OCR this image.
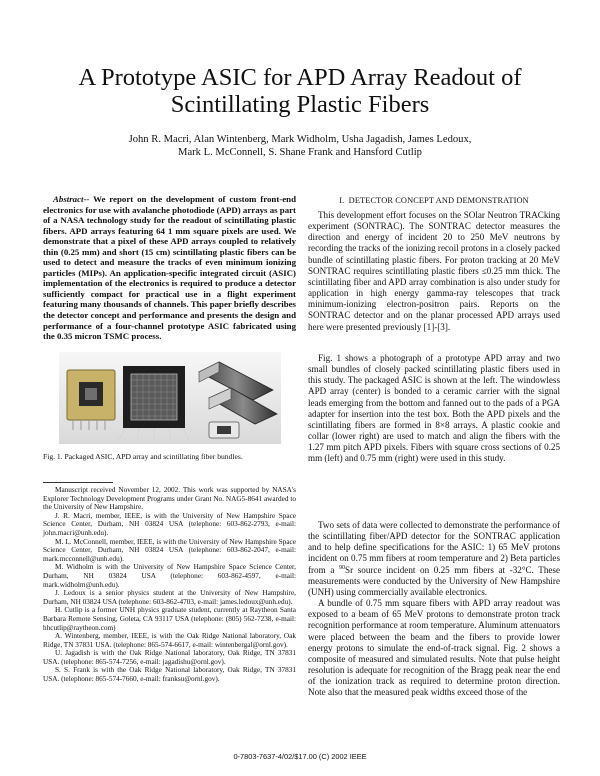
A Prototype ASIC for APD Array Readout of
Scintillating Plastic Fibers
John R. Macri, Alan Wintenberg, Mark Widholm, Usha Jagadish, James Ledoux,
Mark L. McConnell, S. Shane Frank and Hansford Cutlip

Abstract-- We report on the development of custom front-end electronics for use with avalanche photodiode (APD) arrays as part of a NASA technology study for the readout of scintillating plastic fibers. APD arrays featuring 64 1 mm square pixels are used. We demonstrate that a pixel of these APD arrays coupled to relatively thin (0.25 mm) and short (15 cm) scintillating plastic fibers can be used to detect and measure the tracks of even minimum ionizing particles (MIPs). An application-specific integrated circuit (ASIC) implementation of the electronics is required to produce a detector sufficiently compact for practical use in a flight experiment featuring many thousands of channels. This paper briefly describes the detector concept and performance and presents the design and performance of a four-channel prototype ASIC fabricated using the 0.35 micron TSMC process.

Fig. 1. Packaged ASIC, APD array and scintillating fiber bundles.

Manuscript received November 12, 2002. This work was supported by NASA's Explorer Technology Development Programs under Grant No. NAG5-8641 awarded to the University of New Hampshire.

J. R. Macri, member, IEEE, is with the University of New Hampshire Space Science Center, Durham, NH 03824 USA (telephone: 603-862-2793, e-mail: john.macri@unh.edu).

M. L. McConnell, member, IEEE, is with the University of New Hampshire Space Science Center, Durham, NH 03824 USA (telephone: 603-862-2047, e-mail: mark.mcconnell@unh.edu).

M. Widholm is with the University of New Hampshire Space Science Center, Durham, NH 03824 USA (telephone: 603-862-4597, e-mail: mark.widholm@unh.edu).

J. Ledoux is a senior physics student at the University of New Hampshire, Durham, NH 03824 USA (telephone: 603-862-4703, e-mail: james.ledoux@unh.edu).

H. Cutlip is a former UNH physics graduate student, currently at Raytheon Santa Barbara Remote Sensing, Goleta, CA 93117 USA (telephone: (805) 562-7238, e-mail: hhcutlip@raytheon.com)

A. Wintenberg, member, IEEE, is with the Oak Ridge National laboratory, Oak Ridge, TN 37831 USA. (telephone: 865-574-6617, e-mail: wintenbergal@ornl.gov).

U. Jagadish is with the Oak Ridge National laboratory, Oak Ridge, TN 37831 USA. (telephone: 865-574-7256, e-mail: jagadishu@ornl.gov).

S. S. Frank is with the Oak Ridge National laboratory, Oak Ridge, TN 37831 USA. (telephone: 865-574-7660, e-mail: franksu@ornl.gov).

I. DETECTOR CONCEPT AND DEMONSTRATION

This development effort focuses on the SOlar Neutron TRACking experiment (SONTRAC). The SONTRAC detector measures the direction and energy of incident 20 to 250 MeV neutrons by recording the tracks of the ionizing recoil protons in a closely packed bundle of scintillating plastic fibers. For proton tracking at 20 MeV SONTRAC requires scintillating plastic fibers ≤0.25 mm thick. The scintillating fiber and APD array combination is also under study for application in high energy gamma-ray telescopes that track minimum-ionizing electron-positron pairs. Reports on the SONTRAC detector and on the planar processed APD arrays used here were presented previously [1]-[3].

Fig. 1 shows a photograph of a prototype APD array and two small bundles of closely packed scintillating plastic fibers used in this study. The packaged ASIC is shown at the left. The windowless APD array (center) is bonded to a ceramic carrier with the signal leads emerging from the bottom and fanned out to the pads of a PGA adapter for insertion into the test box. Both the APD pixels and the scintillating fibers are formed in 8×8 arrays. A plastic cookie and collar (lower right) are used to match and align the fibers with the 1.27 mm pitch APD pixels. Fibers with square cross sections of 0.25 mm (left) and 0.75 mm (right) were used in this study.

Two sets of data were collected to demonstrate the performance of the scintillating fiber/APD detector for the SONTRAC application and to help define specifications for the ASIC: 1) 65 MeV protons incident on 0.75 mm fibers at room temperature and 2) Beta particles from a $^{90}$Sr source incident on 0.25 mm fibers at -32°C. These measurements were conducted by the University of New Hampshire (UNH) using commercially available electronics.

A bundle of 0.75 mm square fibers with APD array readout was exposed to a beam of 65 MeV protons to demonstrate proton track recognition performance at room temperature. Aluminum attenuators were placed between the beam and the fibers to provide lower energy protons to simulate the end-of-track signal. Fig. 2 shows a composite of measured and simulated results. Note that pulse height resolution is adequate for recognition of the Bragg peak near the end of the ionization track as required to determine proton direction. Note also that the measured peak widths exceed those of the

0-7803-7637-4/02/$17.00 (C) 2002 IEEE
